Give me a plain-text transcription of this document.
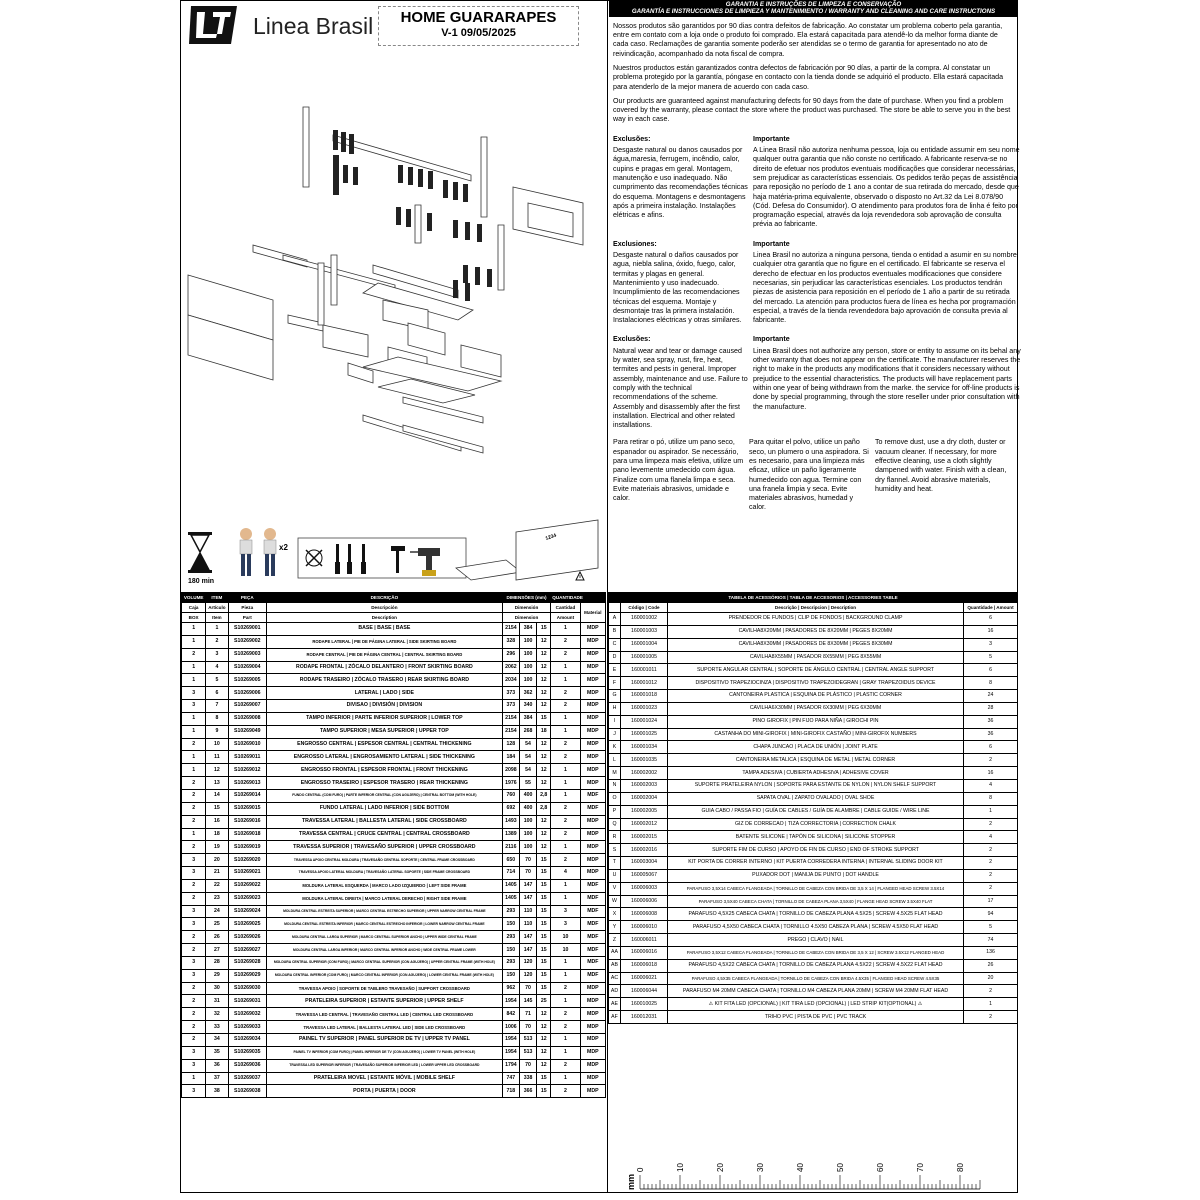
Linea Brasil	HOME GUARARAPES
V-1 09/05/2025
GARANTIA E INSTRUÇÕES DE LIMPEZA E CONSERVAÇÃO
GARANTÍA E INSTRUCCIONES DE LIMPIEZA Y MANTENIMIENTO / WARRANTY AND CLEANING AND CARE INSTRUCTIONS
Nossos produtos são garantidos por 90 dias contra defeitos de fabricação. Ao constatar um problema coberto pela garantia, entre em contato com a loja onde o produto foi comprado. Ela estará capacitada para atendê-lo da melhor forma diante de cada caso. Reclamações de garantia somente poderão ser atendidas se o termo de garantia for apresentado no ato de reivindicação, acompanhado da nota fiscal de compra.
Nuestros productos están garantizados contra defectos de fabricación por 90 días, a partir de la compra. Al constatar un problema protegido por la garantía, póngase en contacto con la tienda donde se adquirió el producto. Ella estará capacitada para atenderlo de la mejor manera de acuerdo con cada caso.
Our products are guaranteed against manufacturing defects for 90 days from the date of purchase. When you find a problem covered by the warranty, please contact the store where the product was purchased. The store be able to serve you in the best way in each case.
Exclusões:
Desgaste natural ou danos causados por água,maresia, ferrugem, incêndio, calor, cupins e pragas em geral. Montagem, manutenção e uso inadequado. Não cumprimento das recomendações técnicas do esquema. Montagens e desmontagens após a primeira instalação. Instalações elétricas e afins.
Importante
A Linea Brasil não autoriza nenhuma pessoa, loja ou entidade assumir em seu nome qualquer outra garantia que não conste no certificado. A fabricante reserva-se no direito de efetuar nos produtos eventuais modificações que considerar necessárias, sem prejudicar as características essenciais. Os pedidos terão peças de assistência para reposição no período de 1 ano a contar de sua retirada do mercado, desde que haja matéria-prima equivalente, observado o disposto no Art.32 da Lei 8.078/90 (Cód. Defesa do Consumidor). O atendimento para produtos fora de linha é feito por programação especial, através da loja revendedora sob aprovação de consulta prévia ao fabricante.
Exclusiones:
Desgaste natural o daños causados por agua, niebla salina, óxido, fuego, calor, termitas y plagas en general. Mantenimiento y uso inadecuado. Incumplimiento de las recomendaciones técnicas del esquema. Montaje y desmontaje tras la primera instalación. Instalaciones eléctricas y otras similares.
Importante
Linea Brasil no autoriza a ninguna persona, tienda o entidad a asumir en su nombre cualquier otra garantía que no figure en el certificado. El fabricante se reserva el derecho de efectuar en los productos eventuales modificaciones que considere necesarias, sin perjudicar las características esenciales. Los productos tendrán piezas de asistencia para reposición en el período de 1 año a partir de su retirada del mercado. La atención para productos fuera de línea es hecha por programación especial, a través de la tienda revendedora bajo aprovación de consulta previa al fabricante.
Exclusões:
Natural wear and tear or damage caused by water, sea spray, rust, fire, heat, termites and pests in general. Improper assembly, maintenance and use. Failure to comply with the technical recommendations of the scheme. Assembly and disassembly after the first installation. Electrical and other related installations.
Importante
Linea Brasil does not authorize any person, store or entity to assume on its behal any other warranty that does not appear on the certificate. The manufacturer reserves the right to make in the products any modifications that it considers necessary without prejudice to the essential characteristics. The products will have replacement parts within one year of being withdrawn from the marke. the service for off-line products is done by special programming, through the store reseller under prior consultation with the manufacture.
Para retirar o pó, utilize um pano seco, espanador ou aspirador. Se necessário, para uma limpeza mais efetiva, utilize um pano levemente umedecido com água. Finalize com uma flanela limpa e seca. Evite materiais abrasivos, umidade e calor.
Para quitar el polvo, utilice un paño seco, un plumero o una aspiradora. Si es necesario, para una limpieza más eficaz, utilice un paño ligeramente humedecido con agua. Termine con una franela limpia y seca. Evite materiales abrasivos, humedad y calor.
To remove dust, use a dry cloth, duster or vacuum cleaner. If necessary, for more effective cleaning, use a cloth slightly dampened with water. Finish with a clean, dry flannel. Avoid abrasive materials, humidity and heat.
180 min
x2
1234
VOLUME	ITEM	PEÇA	DESCRIÇÃO	DIMENSÕES (mm)			QUANTIDADE	
Caja	Artículo	Pieza	Descripción	Dimensión			Cantidad	Material
BOX	Item	Part	Description	Dimension			Amount	
1	1	S10269001	BASE | BASE | BASE	2154	384	15	1	MDP
1	2	S10269002	RODAPE LATERAL | PIE DE PÁGINA LATERAL | SIDE SKIRTING BOARD	328	100	12	2	MDP
2	3	S10269003	RODAPE CENTRAL | PIE DE PÁGINA CENTRAL | CENTRAL SKIRTING BOARD	296	100	12	2	MDP
1	4	S10269004	RODAPE FRONTAL | ZÓCALO DELANTERO | FRONT SKIRTING BOARD	2062	100	12	1	MDP
1	5	S10269005	RODAPE TRASEIRO | ZÓCALO TRASERO | REAR SKIRTING BOARD	2034	100	12	1	MDP
3	6	S10269006	LATERAL | LADO | SIDE	373	362	12	2	MDP
3	7	S10269007	DIVISAO | DIVISIÓN | DIVISION	373	340	12	2	MDP
1	8	S10269008	TAMPO INFERIOR | PARTE INFERIOR SUPERIOR | LOWER TOP	2154	384	15	1	MDP
1	9	S10269049	TAMPO SUPERIOR | MESA SUPERIOR | UPPER TOP	2154	268	18	1	MDP
2	10	S10269010	ENGROSSO CENTRAL | ESPESOR CENTRAL | CENTRAL THICKENING	128	54	12	2	MDP
1	11	S10269011	ENGROSSO LATERAL | ENGROSAMIENTO LATERAL | SIDE THICKENING	184	54	12	2	MDP
1	12	S10269012	ENGROSSO FRONTAL | ESPESOR FRONTAL | FRONT THICKENING	2098	54	12	1	MDP
2	13	S10269013	ENGROSSO TRASEIRO | ESPESOR TRASERO | REAR THICKENING	1976	55	12	1	MDP
2	14	S10269014	FUNDO CENTRAL (COM FURO) | PARTE INFERIOR CENTRAL (CON AGUJERO) | CENTRAL BOTTOM (WITH HOLE)	760	400	2,8	1	MDF
2	15	S10269015	FUNDO LATERAL | LADO INFERIOR | SIDE BOTTOM	692	400	2,8	2	MDF
2	16	S10269016	TRAVESSA LATERAL | BALLESTA LATERAL | SIDE CROSSBOARD	1493	100	12	2	MDP
1	18	S10269018	TRAVESSA CENTRAL | CRUCE CENTRAL | CENTRAL CROSSBOARD	1389	100	12	2	MDP
2	19	S10269019	TRAVESSA SUPERIOR | TRAVESAÑO SUPERIOR | UPPER CROSSBOARD	2116	100	12	1	MDP
3	20	S10269020	TRAVESSA APOIO CENTRAL MOLDURA | TRAVESAÑO CENTRAL SOPORTE | CENTRAL FRAME CROSSBOARD	650	70	15	2	MDP
3	21	S10269021	TRAVESSA APOIO LATERAL MOLDURA | TRAVESAÑO LATERAL SOPORTE | SIDE FRAME CROSSBOARD	714	70	15	4	MDP
2	22	S10269022	MOLDURA LATERAL ESQUERDA | MARCO LADO IZQUIERDO | LEFT SIDE FRAME	1405	147	15	1	MDF
2	23	S10269023	MOLDURA LATERAL DIREITA | MARCO LATERAL DERECHO | RIGHT SIDE FRAME	1405	147	15	1	MDF
3	24	S10269024	MOLDURA CENTRAL ESTREITA SUPERIOR | MARCO CENTRAL ESTRECHO SUPERIOR | UPPER NARROW CENTRAL FRAME	293	110	15	3	MDF
3	25	S10269025	MOLDURA CENTRAL ESTREITA INFERIOR | MARCO CENTRAL ESTRECHO INFERIOR | LOWER NARROW CENTRAL FRAME	150	110	15	3	MDF
2	26	S10269026	MOLDURA CENTRAL LARGA SUPERIOR | MARCO CENTRAL SUPERIOR ANCHO | UPPER WIDE CENTRAL FRAME	293	147	15	10	MDF
2	27	S10269027	MOLDURA CENTRAL LARGA INFERIOR | MARCO CENTRAL INFERIOR ANCHO | WIDE CENTRAL FRAME LOWER	150	147	15	10	MDF
3	28	S10269028	MOLDURA CENTRAL SUPERIOR (COM FURO) | MARCO CENTRAL SUPERIOR (CON AGUJERO) | UPPER CENTRAL FRAME (WITH HOLE)	293	120	15	1	MDF
3	29	S10269029	MOLDURA CENTRAL INFERIOR (COM FURO) | MARCO CENTRAL INFERIOR (CON AGUJERO) | LOWER CENTRAL FRAME (WITH HOLE)	150	120	15	1	MDF
2	30	S10269030	TRAVESSA APOIO | SOPORTE DE TABLERO TRAVESAÑO | SUPPORT CROSSBOARD	962	70	15	2	MDP
2	31	S10269031	PRATELEIRA SUPERIOR | ESTANTE SUPERIOR | UPPER SHELF	1954	145	25	1	MDP
2	32	S10269032	TRAVESSA LED CENTRAL | TRAVESAÑO CENTRAL LED | CENTRAL LED CROSSBOARD	842	71	12	2	MDP
2	33	S10269033	TRAVESSA LED LATERAL | BALLESTA LATERAL LED | SIDE LED CROSSBOARD	1006	70	12	2	MDP
2	34	S10269034	PAINEL TV SUPERIOR | PANEL SUPERIOR DE TV | UPPER TV PANEL	1954	513	12	1	MDP
3	35	S10269035	PAINEL TV INFERIOR (COM FURO) | PANEL INFERIOR DE TV (CON AGUJERO) | LOWER TV PANEL (WITH HOLE)	1954	513	12	1	MDP
3	36	S10269036	TRAVESSA LED SUPERIOR INFERIOR | TRAVESAÑO SUPERIOR INFERIOR LED | LOWER UPPER LED CROSSBOARD	1794	70	12	2	MDP
1	37	S10269037	PRATELEIRA MOVEL | ESTANTE MÓVIL | MOBILE SHELF	747	338	15	1	MDP
3	38	S10269038	PORTA | PUERTA | DOOR	718	366	15	2	MDP
TABELA DE ACESSÓRIOS | TABLA DE ACCESORIOS | ACCESSORIES TABLE			
	Código | Code	Descrição | Descripcion | Description	Quantidade | Amount
A	160001002	PRENDEDOR DE FUNDOS | CLIP DE FONDOS | BACKGROUND CLAMP	6
B	160001003	CAVILHA8X20MM | PASADORES DE 8X20MM | PEGES 8X20MM	16
C	160001004	CAVILHA8X30MM | PASADORES DE 8X30MM | PEGES 8X30MM	3
D	160001005	CAVILHA8X55MM | PASADOR 8X55MM | PEG 8X55MM	5
E	160001011	SUPORTE ANGULAR CENTRAL | SOPORTE DE ÁNGULO CENTRAL | CENTRAL ANGLE SUPPORT	6
F	160001012	DISPOSITIVO TRAPEZIOCINZA | DISPOSITIVO TRAPEZOIDEGRAN | GRAY TRAPEZOIDUS DEVICE	8
G	160001018	CANTONEIRA PLASTICA | ESQUINA DE PLÁSTICO | PLASTIC CORNER	24
H	160001023	CAVILHA6X30MM | PASADOR 6X30MM | PEG 6X30MM	28
I	160001024	PINO GIROFIX | PIN FIJO PARA NIÑA | GIROCHI PIN	36
J	160001025	CASTANHA DO MINI-GIROFIX | MINI-GIROFIX CASTAÑO | MINI-GIROFIX NUMBERS	36
K	160001034	CHAPA JUNCAO | PLACA DE UNIÓN | JOINT PLATE	6
L	160001035	CANTONEIRA METALICA | ESQUINA DE METAL | METAL CORNER	2
M	160002002	TAMPA ADESIVA | CUBIERTA ADHESIVA | ADHESIVE COVER	16
N	160002003	SUPORTE PRATELEIRA NYLON | SOPORTE PARA ESTANTE DE NYLON | NYLON SHELF SUPPORT	4
O	160002004	SAPATA OVAL | ZAPATO OVALADO | OVAL SHOE	8
P	160002005	GUIA CABO / PASSA FIO | GUÍA DE CABLES / GUÍA DE ALAMBRE | CABLE GUIDE / WIRE LINE	1
Q	160002012	GIZ DE CORRECAO | TIZA CORRECTORIA | CORRECTION CHALK	2
R	160002015	BATENTE SILICONE | TAPÓN DE SILICONA | SILICONE STOPPER	4
S	160002016	SUPORTE FIM DE CURSO | APOYO DE FIN DE CURSO | END OF STROKE SUPPORT	2
T	160003004	KIT PORTA DE CORRER INTERNO | KIT PUERTA CORREDERA INTERNA | INTERNAL SLIDING DOOR KIT	2
U	160005067	PUXADOR DOT | MANIJA DE PUNTO | DOT HANDLE	2
V	160006003	PARAFUSO 3,5X14 CABECA FLANGEADA | TORNILLO DE CABEZA CON BRIDA DE 3,5 X 14 | FLANGED HEAD SCREW 3.5X14	2
W	160006006	PARAFUSO 3,5X40 CABECA CHATA | TORNILLO DE CABEZA PLANA 3,5X40 | FLANGE HEAD SCREW 3.5X40 FLAT	17
X	160006008	PARAFUSO 4,5X25 CABECA CHATA | TORNILLO DE CABEZA PLANA 4.5X25 | SCREW 4.5X25 FLAT HEAD	94
Y	160006010	PARAFUSO 4,5X50 CABECA CHATA | TORNILLO 4.5X50 CABEZA PLANA | SCREW 4.5X50 FLAT HEAD	5
Z	160006011	PREGO | CLAVO | NAIL	74
AA	160006016	PARAFUSO 3,5X12 CABECA FLANGEADA | TORNILLO DE CABEZA CON BRIDA DE 3,5 X 12 | SCREW 3.5X12 FLANGED HEAD	136
AB	160006018	PARAFUSO 4,5X22 CABECA CHATA | TORNILLO DE CABEZA PLANA 4.5X22 | SCREW 4.5X22 FLAT HEAD	26
AC	160006021	PARAFUSO 4,5X35 CABECA FLANGEADA | TORNILLO DE CABEZA CON BRIDA 4.5X35 | FLANGED HEAD SCREW 4.5X35	20
AD	160006044	PARAFUSO M4 20MM CABECA CHATA | TORNILLO M4 CABEZA PLANA 20MM | SCREW M4 20MM FLAT HEAD	2
AE	160010025	⚠ KIT FITA LED (OPCIONAL) | KIT TIRA LED (OPCIONAL) | LED STRIP KIT(OPTIONAL) ⚠	1
AF	160012031	TRIHO PVC | PISTA DE PVC | PVC TRACK	2
mm
0	10	20	30	40	50	60	70	80
